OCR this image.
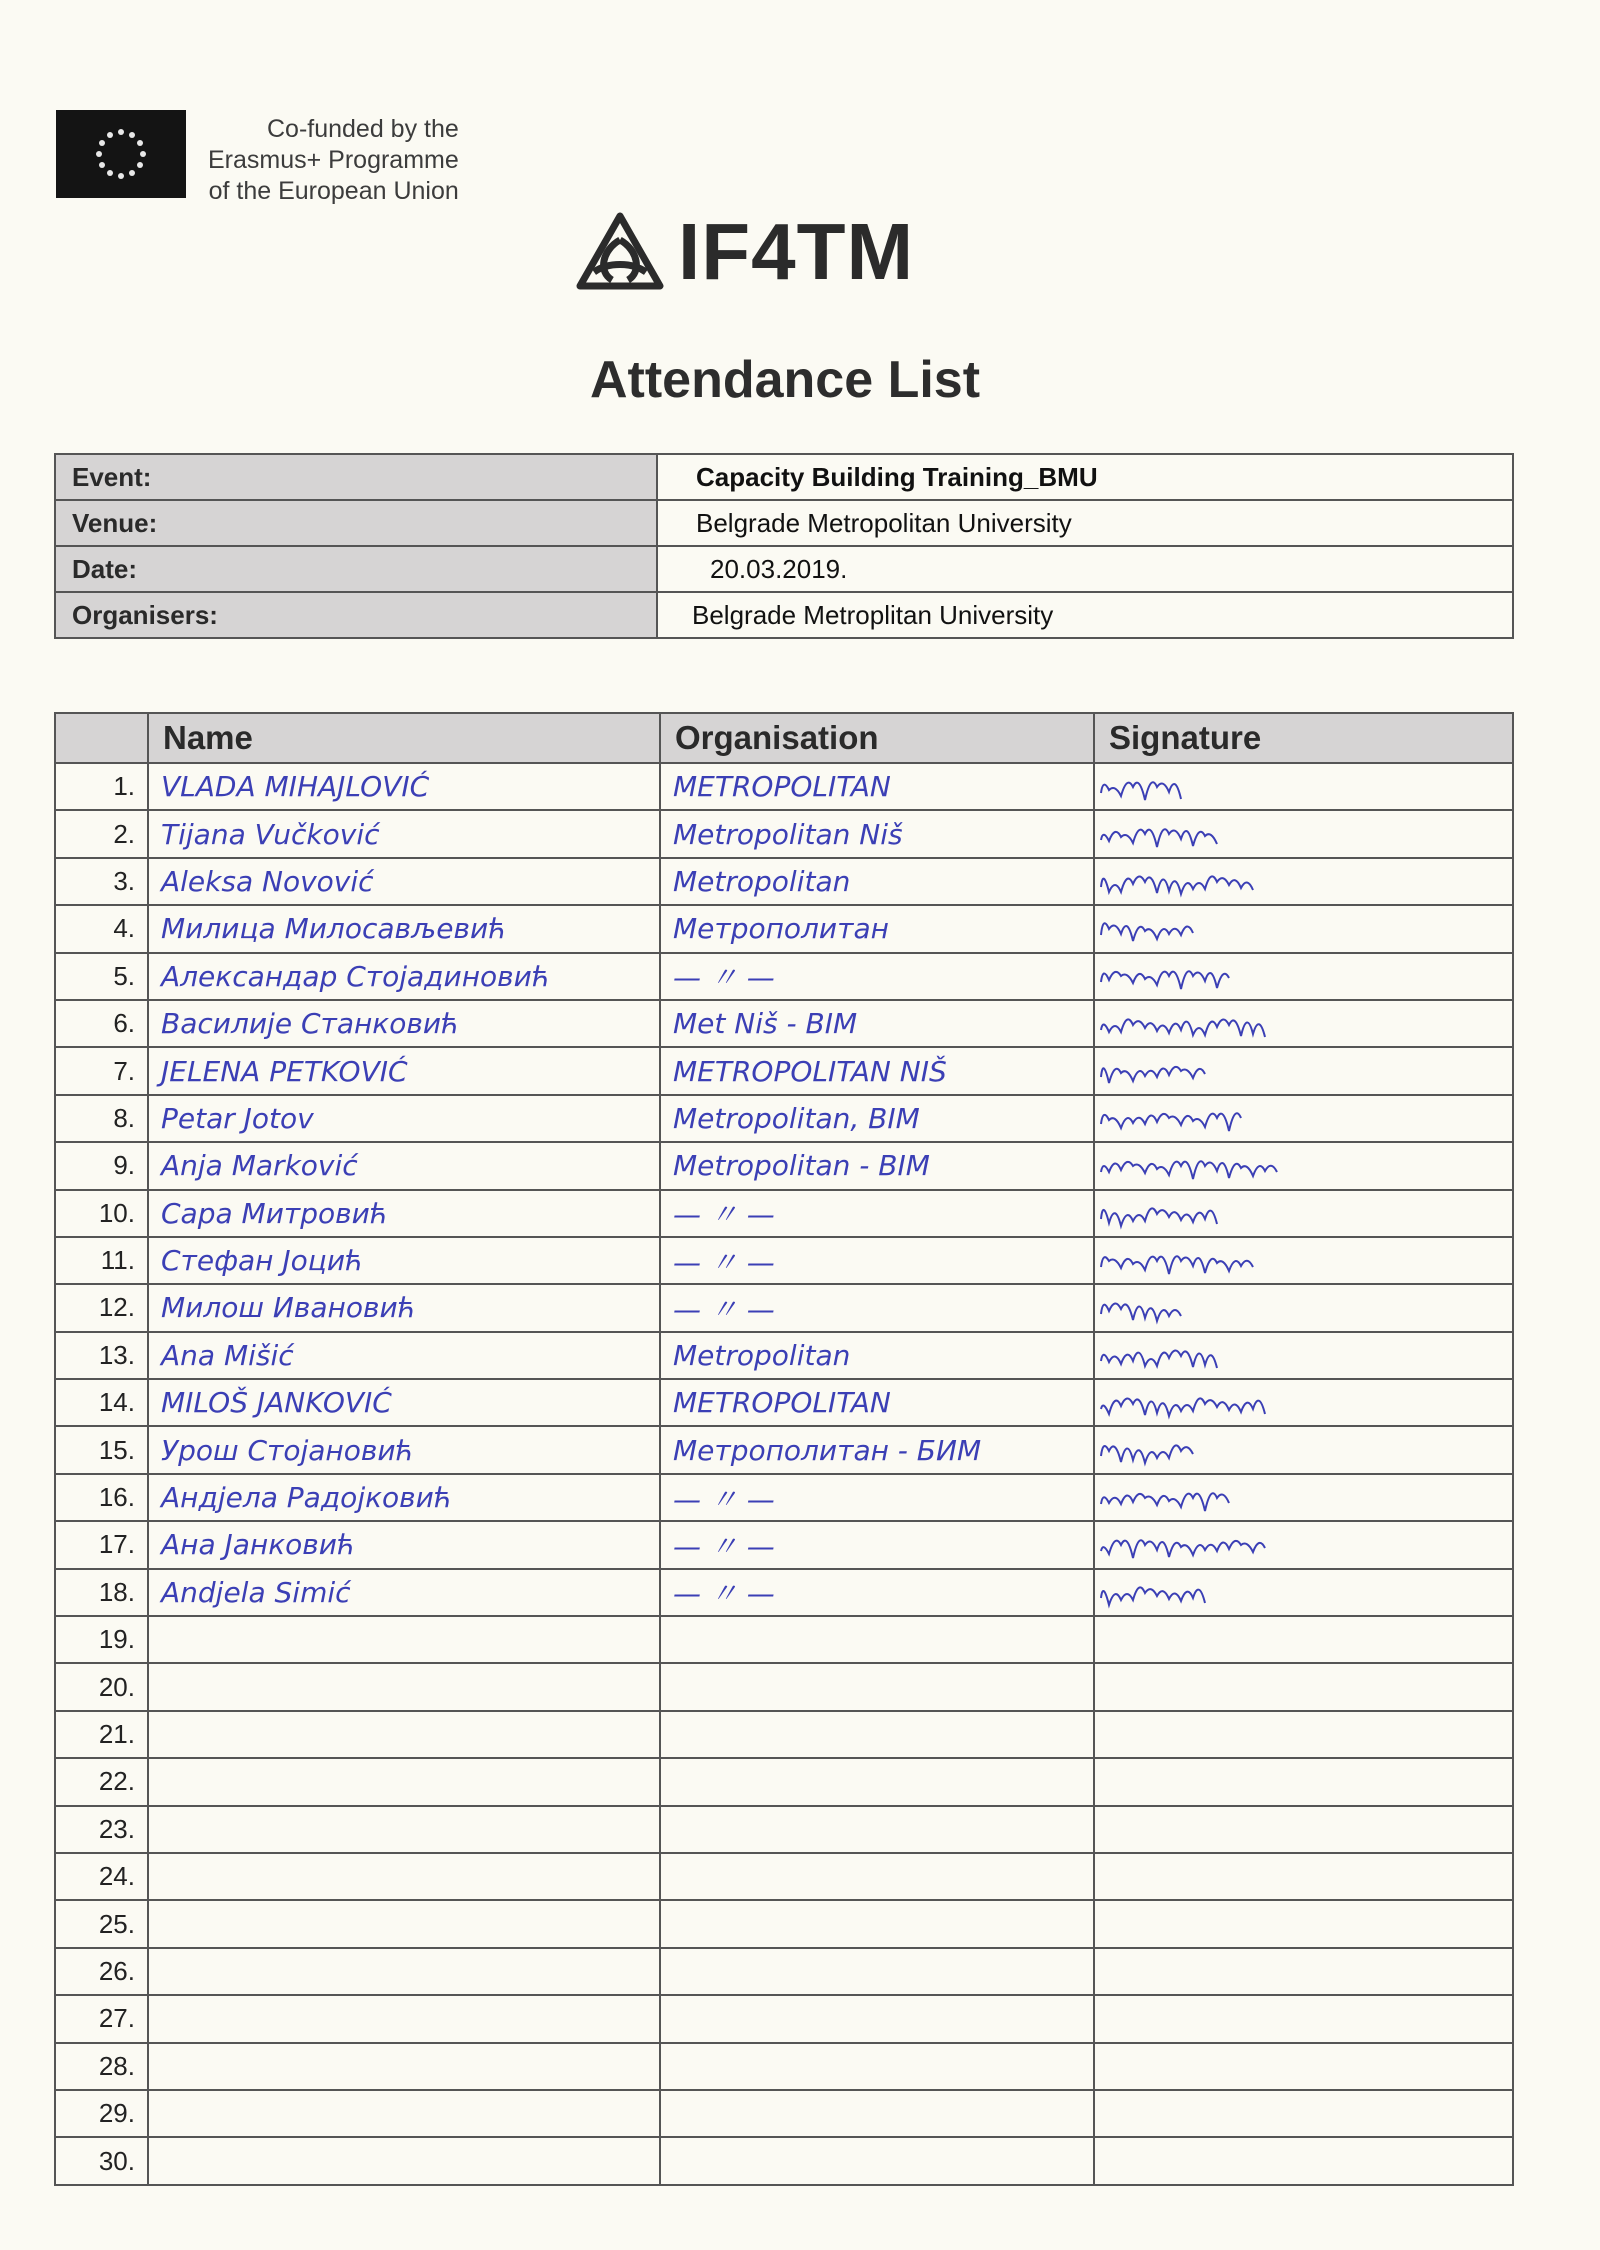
Co-funded by the
Erasmus+ Programme
of the European Union
IF4TM
Attendance List
Event:	Capacity Building Training_BMU
Venue:	Belgrade Metropolitan University
Date:	20.03.2019.
Organisers:	Belgrade Metroplitan University
	Name	Organisation	Signature
1.	VLADA MIHAJLOVIĆ	METROPOLITAN

2.	Tijana Vučković	Metropolitan Niš

3.	Aleksa Novović	Metropolitan

4.	Милица Милосављевић	Метрополитан

5.	Александар Стојадиновић	— 〃 —

6.	Василије Станковић	Met Niš - BIM

7.	JELENA PETKOVIĆ	METROPOLITAN NIŠ

8.	Petar Jotov	Metropolitan, BIM

9.	Anja Marković	Metropolitan - BIM

10.	Сара Митровић	— 〃 —

11.	Стефан Јоцић	— 〃 —

12.	Милош Ивановић	— 〃 —

13.	Ana Mišić	Metropolitan

14.	MILOŠ JANKOVIĆ	METROPOLITAN

15.	Урош Стојановић	Метрополитан - БИМ

16.	Андјела Радојковић	— 〃 —

17.	Ана Јанковић	— 〃 —

18.	Andjela Simić	— 〃 —

19.	

20.	

21.	

22.	

23.	

24.	

25.	

26.	

27.	

28.	

29.	

30.	
